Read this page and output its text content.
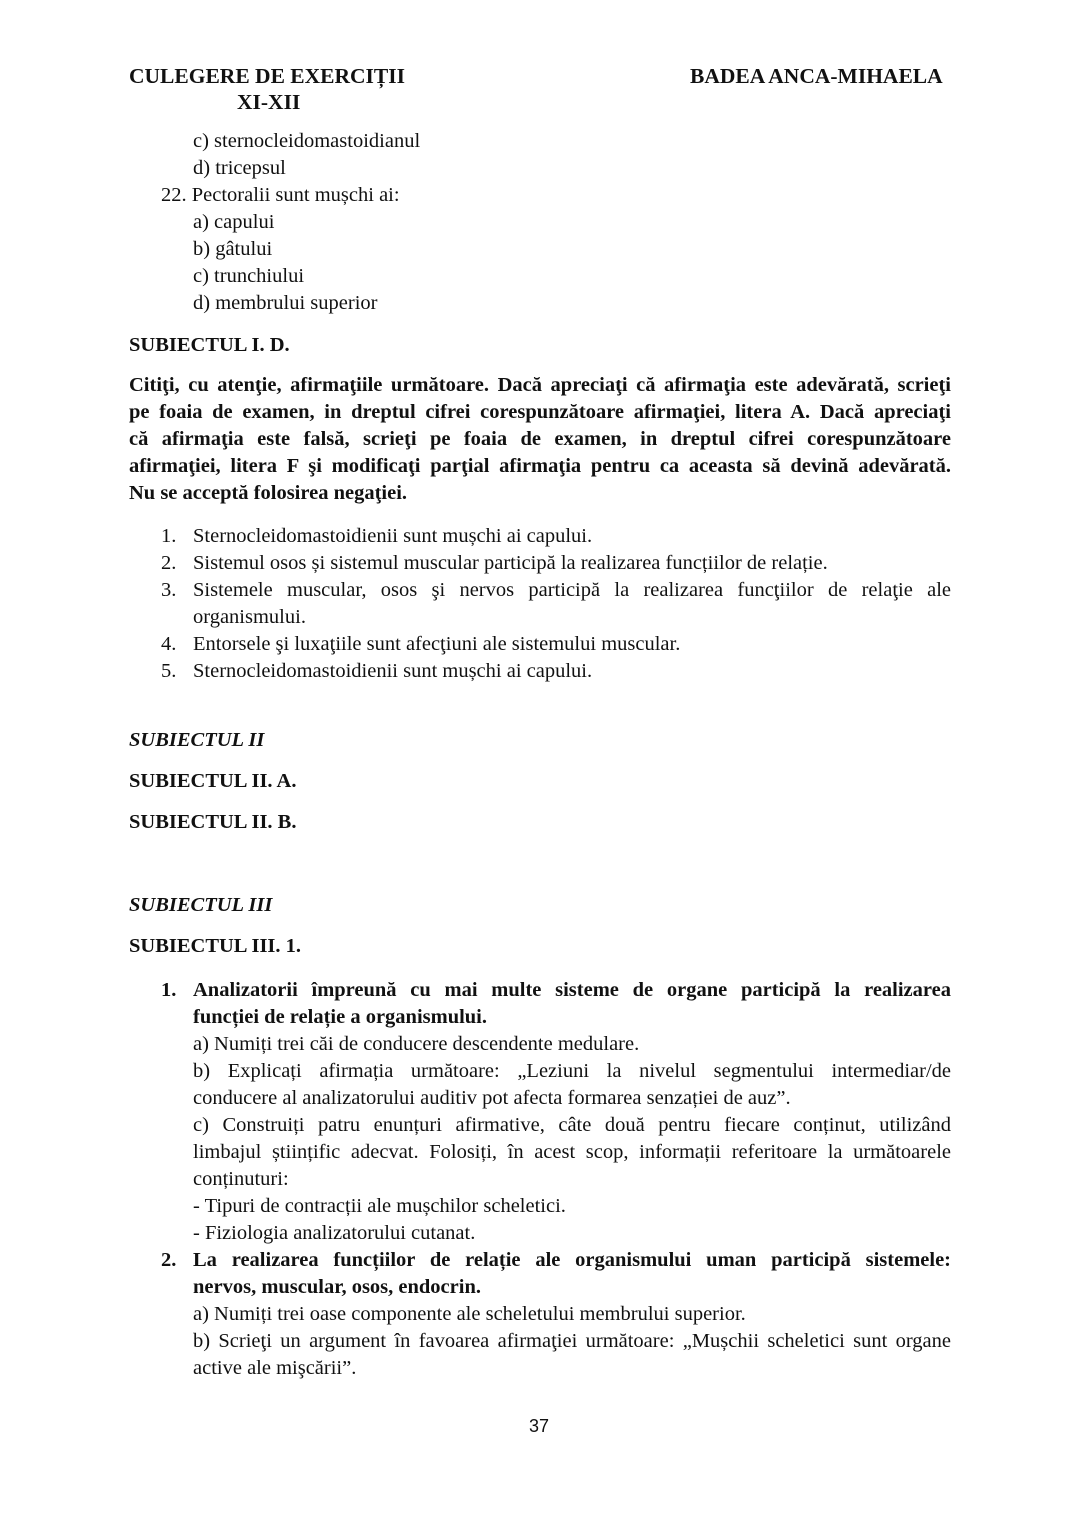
CULEGERE DE EXERCIȚII
XI-XII
BADEA ANCA-MIHAELA
c) sternocleidomastoidianul
d) tricepsul
22. Pectoralii sunt mușchi ai:
a) capului
b) gâtului
c) trunchiului
d) membrului superior
SUBIECTUL I. D.
Citiţi, cu atenţie, afirmaţiile următoare. Dacă apreciaţi că afirmaţia este adevărată, scrieţi
pe foaia de examen, in dreptul cifrei corespunzătoare afirmaţiei, litera A. Dacă apreciaţi
că afirmaţia este falsă, scrieţi pe foaia de examen, in dreptul cifrei corespunzătoare
afirmaţiei, litera F şi modificaţi parţial afirmaţia pentru ca aceasta să devină adevărată.
Nu se acceptă folosirea negaţiei.
1. Sternocleidomastoidienii sunt mușchi ai capului.
2. Sistemul osos și sistemul muscular participă la realizarea funcțiilor de relație.
3. Sistemele muscular, osos şi nervos participă la realizarea funcţiilor de relaţie ale
organismului.
4. Entorsele şi luxaţiile sunt afecţiuni ale sistemului muscular.
5. Sternocleidomastoidienii sunt mușchi ai capului.
SUBIECTUL II
SUBIECTUL II. A.
SUBIECTUL II. B.
SUBIECTUL III
SUBIECTUL III. 1.
1. Analizatorii împreună cu mai multe sisteme de organe participă la realizarea
funcției de relație a organismului.
a) Numiți trei căi de conducere descendente medulare.
b) Explicați afirmația următoare: „Leziuni la nivelul segmentului intermediar/de
conducere al analizatorului auditiv pot afecta formarea senzației de auz”.
c) Construiți patru enunțuri afirmative, câte două pentru fiecare conținut, utilizând
limbajul științific adecvat. Folosiți, în acest scop, informații referitoare la următoarele
conținuturi:
- Tipuri de contracții ale mușchilor scheletici.
- Fiziologia analizatorului cutanat.
2. La realizarea funcțiilor de relație ale organismului uman participă sistemele:
nervos, muscular, osos, endocrin.
a) Numiți trei oase componente ale scheletului membrului superior.
b) Scrieţi un argument în favoarea afirmaţiei următoare: „Mușchii scheletici sunt organe
active ale mişcării”.
37
